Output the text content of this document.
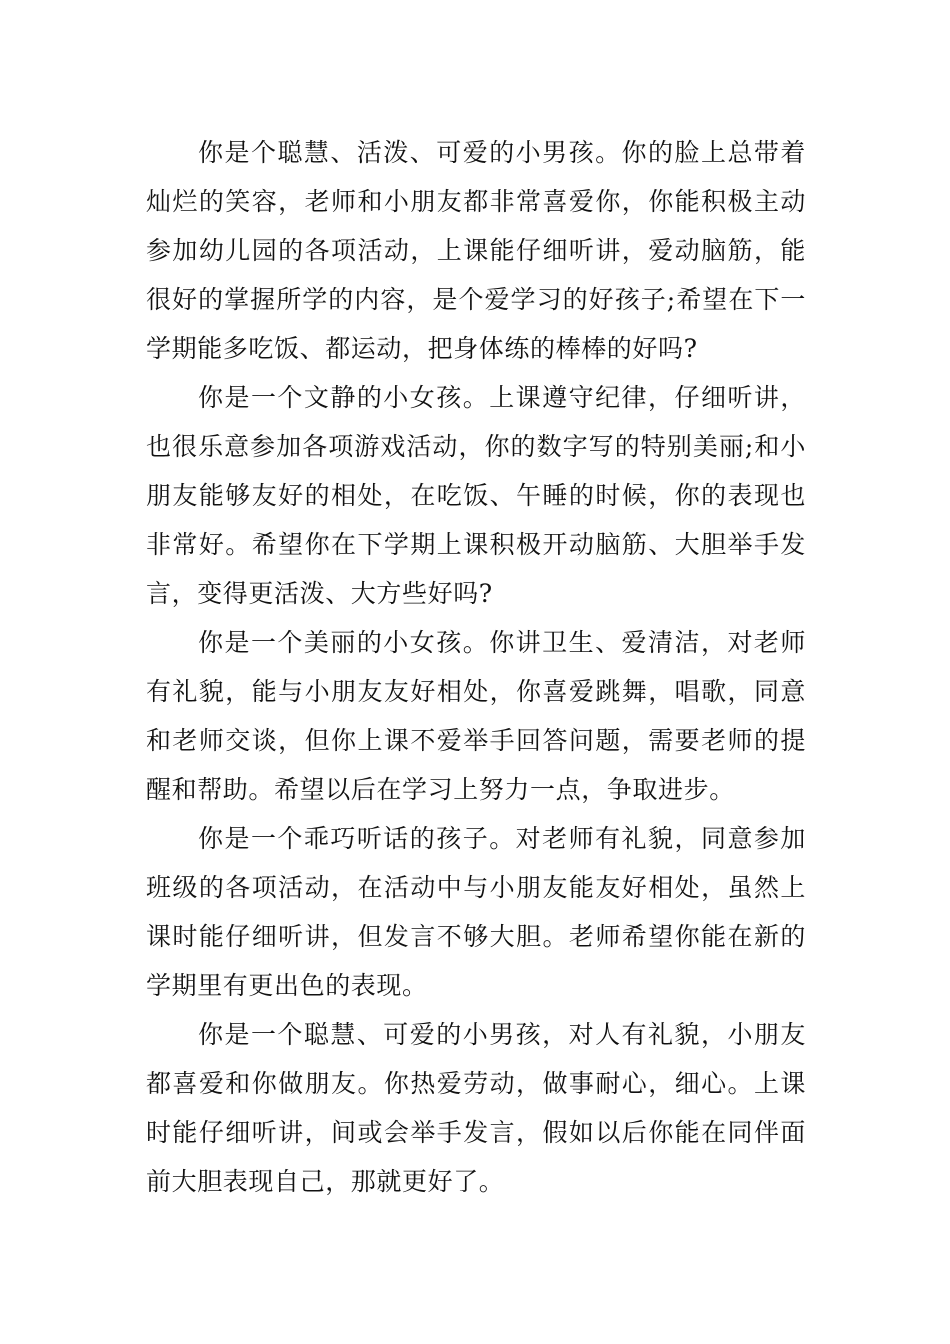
你是个聪慧、活泼、可爱的小男孩。你的脸上总带着灿烂的笑容，老师和小朋友都非常喜爱你，你能积极主动参加幼儿园的各项活动，上课能仔细听讲，爱动脑筋，能很好的掌握所学的内容，是个爱学习的好孩子;希望在下一学期能多吃饭、都运动，把身体练的棒棒的好吗?

你是一个文静的小女孩。上课遵守纪律，仔细听讲，也很乐意参加各项游戏活动，你的数字写的特别美丽;和小朋友能够友好的相处，在吃饭、午睡的时候，你的表现也非常好。希望你在下学期上课积极开动脑筋、大胆举手发言，变得更活泼、大方些好吗?

你是一个美丽的小女孩。你讲卫生、爱清洁，对老师有礼貌，能与小朋友友好相处，你喜爱跳舞，唱歌，同意和老师交谈，但你上课不爱举手回答问题，需要老师的提醒和帮助。希望以后在学习上努力一点，争取进步。

你是一个乖巧听话的孩子。对老师有礼貌，同意参加班级的各项活动，在活动中与小朋友能友好相处，虽然上课时能仔细听讲，但发言不够大胆。老师希望你能在新的学期里有更出色的表现。

你是一个聪慧、可爱的小男孩，对人有礼貌，小朋友都喜爱和你做朋友。你热爱劳动，做事耐心，细心。上课时能仔细听讲，间或会举手发言，假如以后你能在同伴面前大胆表现自己，那就更好了。
